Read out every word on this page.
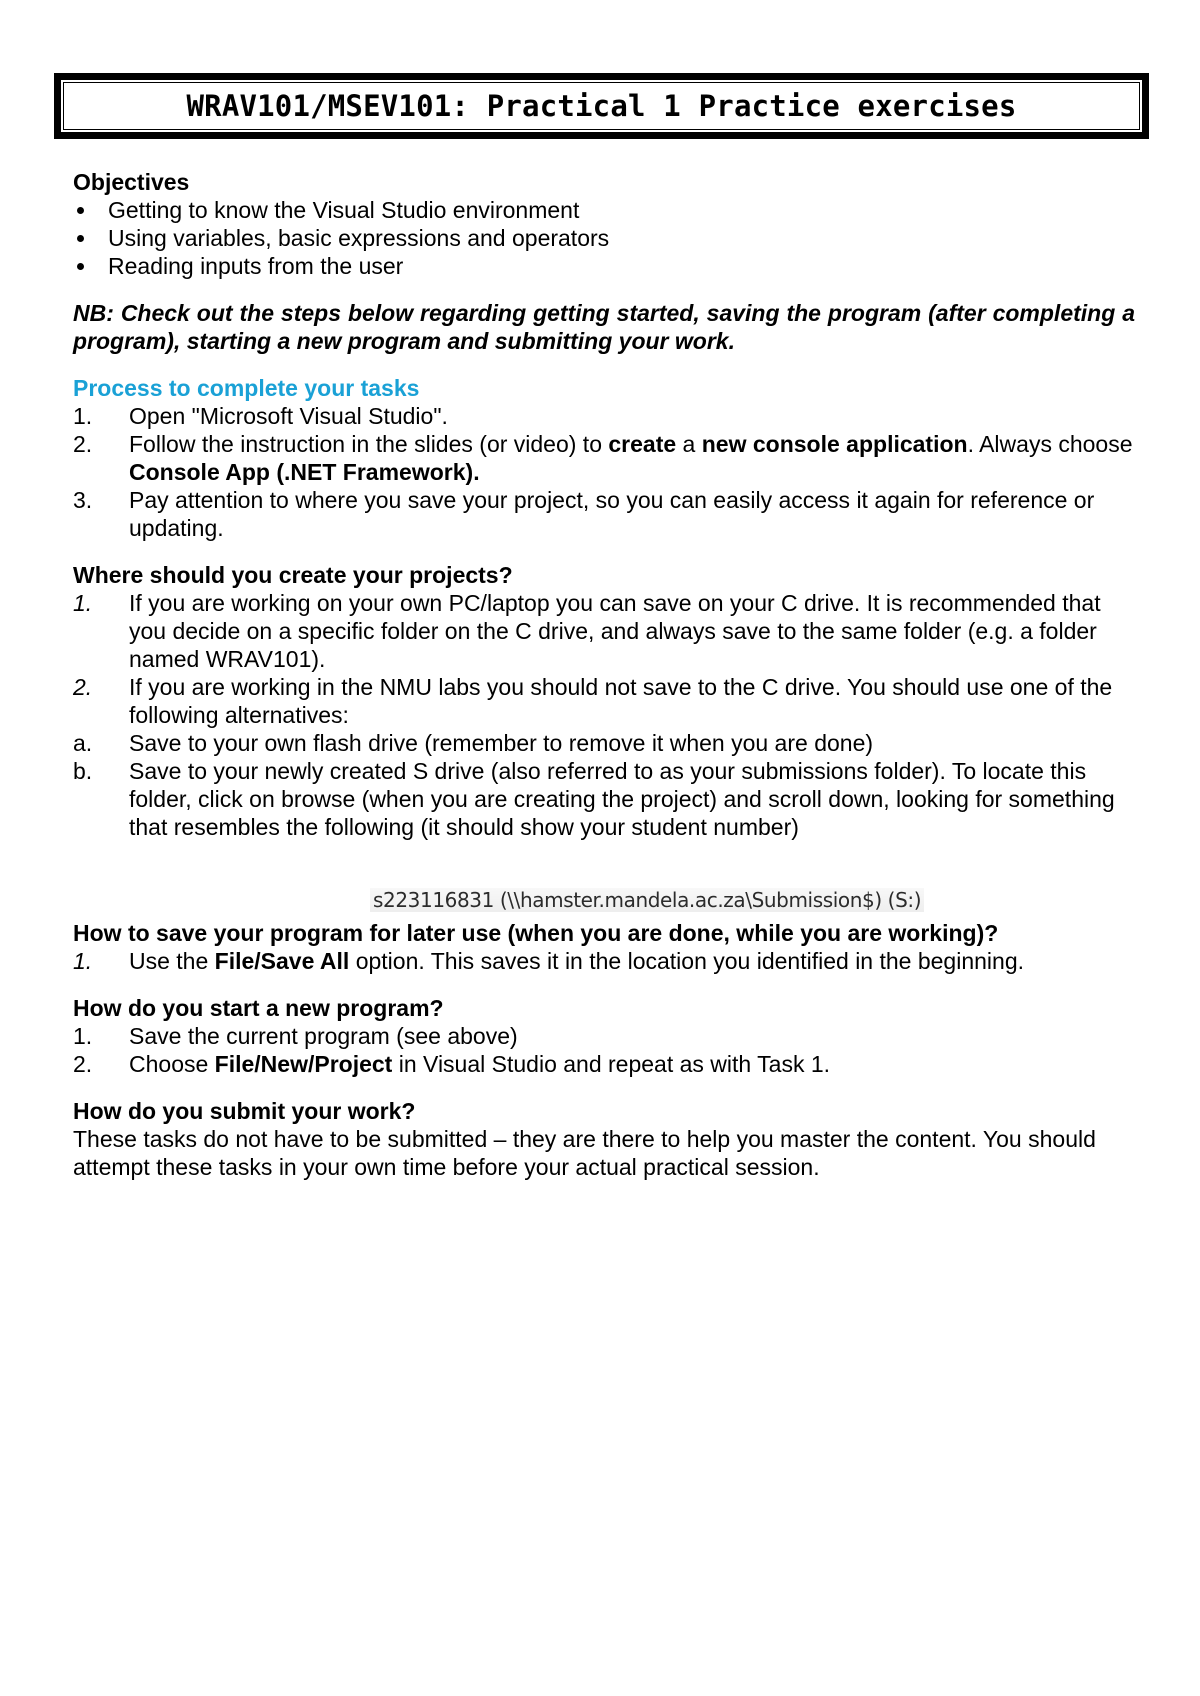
WRAV101/MSEV101: Practical 1 Practice exercises

Objectives

Getting to know the Visual Studio environment
Using variables, basic expressions and operators
Reading inputs from the user

NB: Check out the steps below regarding getting started, saving the program (after completing a program), starting a new program and submitting your work.

Process to complete your tasks

1. Open "Microsoft Visual Studio".
2. Follow the instruction in the slides (or video) to create a new console application. Always choose Console App (.NET Framework).
3. Pay attention to where you save your project, so you can easily access it again for reference or updating.

Where should you create your projects?

1. If you are working on your own PC/laptop you can save on your C drive. It is recommended that you decide on a specific folder on the C drive, and always save to the same folder (e.g. a folder named WRAV101).
2. If you are working in the NMU labs you should not save to the C drive. You should use one of the following alternatives:
a. Save to your own flash drive (remember to remove it when you are done)
b. Save to your newly created S drive (also referred to as your submissions folder). To locate this folder, click on browse (when you are creating the project) and scroll down, looking for something that resembles the following (it should show your student number)
s223116831 (\\hamster.mandela.ac.za\Submission$) (S:)

How to save your program for later use (when you are done, while you are working)?

1. Use the File/Save All option. This saves it in the location you identified in the beginning.

How do you start a new program?

1. Save the current program (see above)
2. Choose File/New/Project in Visual Studio and repeat as with Task 1.

How do you submit your work?

These tasks do not have to be submitted – they are there to help you master the content. You should attempt these tasks in your own time before your actual practical session.
